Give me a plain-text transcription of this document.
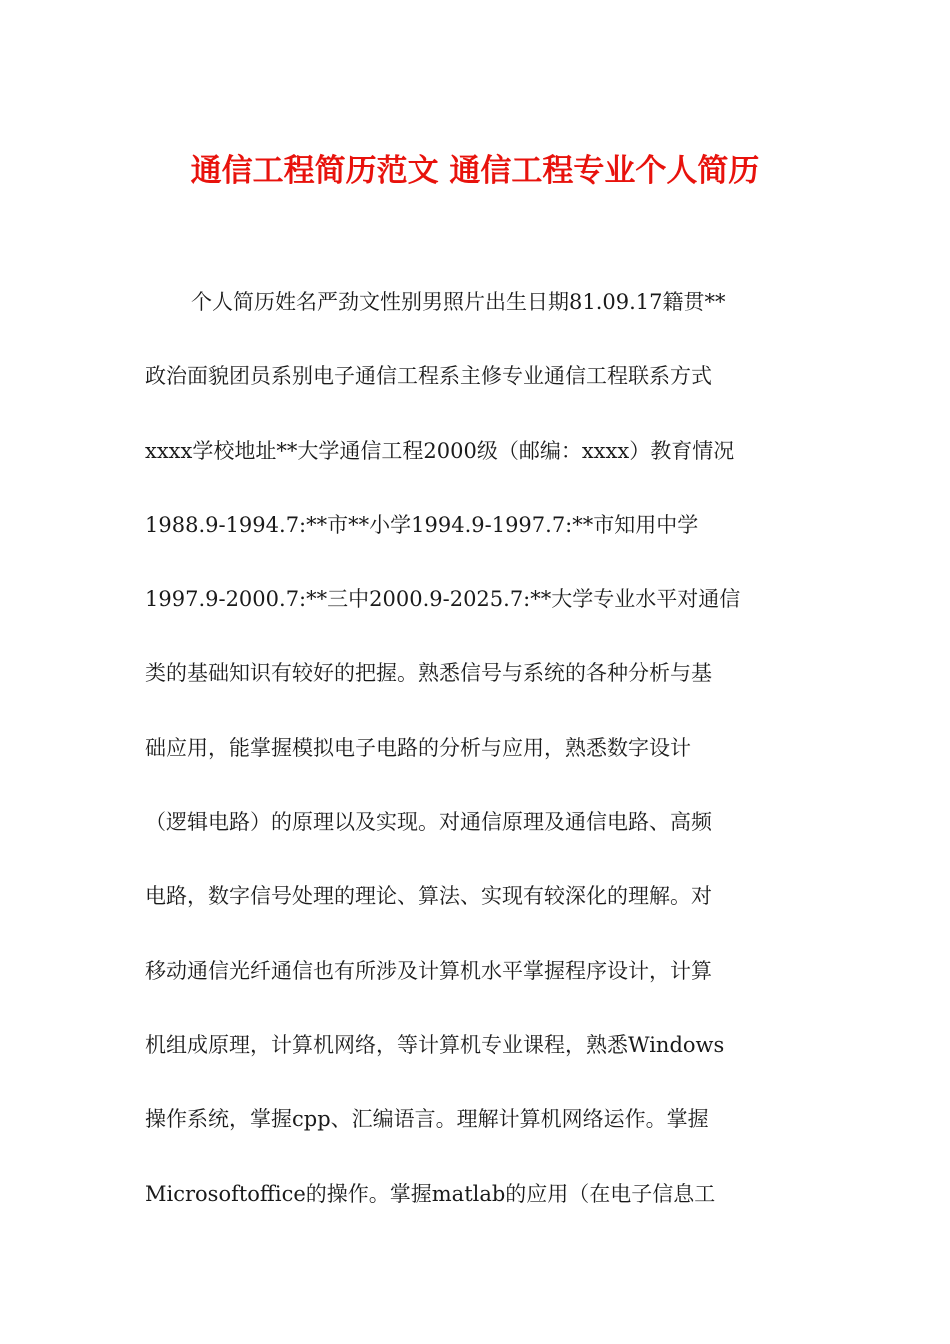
通信工程简历范文 通信工程专业个人简历
个人简历姓名严劲文性别男照片出生日期81.09.17籍贯**
政治面貌团员系别电子通信工程系主修专业通信工程联系方式
xxxx学校地址**大学通信工程2000级（邮编：xxxx）教育情况
1988.9-1994.7:**市**小学1994.9-1997.7:**市知用中学
1997.9-2000.7:**三中2000.9-2025.7:**大学专业水平对通信
类的基础知识有较好的把握。熟悉信号与系统的各种分析与基
础应用，能掌握模拟电子电路的分析与应用，熟悉数字设计
（逻辑电路）的原理以及实现。对通信原理及通信电路、高频
电路，数字信号处理的理论、算法、实现有较深化的理解。对
移动通信光纤通信也有所涉及计算机水平掌握程序设计，计算
机组成原理，计算机网络，等计算机专业课程，熟悉Windows
操作系统，掌握cpp、汇编语言。理解计算机网络运作。掌握
Microsoftoffice的操作。掌握matlab的应用（在电子信息工
